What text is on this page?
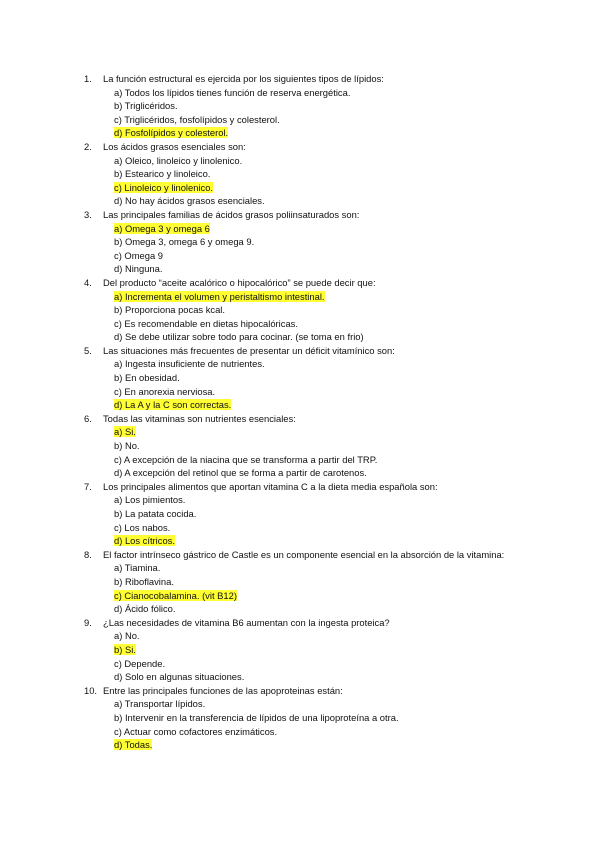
1.	La función estructural es ejercida por los siguientes tipos de lípidos:
a) Todos los lípidos tienes función de reserva energética.
b) Triglicéridos.
c) Triglicéridos, fosfolípidos y colesterol.
d) Fosfolípidos y colesterol.
2.	Los ácidos grasos esenciales son:
a) Oleico, linoleico y linolenico.
b) Estearico y linoleico.
c) Linoleico y linolenico.
d) No hay ácidos grasos esenciales.
3.	Las principales familias de ácidos grasos poliinsaturados son:
a) Omega 3 y omega 6
b) Omega 3, omega 6 y omega 9.
c) Omega 9
d) Ninguna.
4.	Del producto “aceite acalórico o hipocalórico” se puede decir que:
a) Incrementa el volumen y peristaltismo intestinal.
b) Proporciona pocas kcal.
c) Es recomendable en dietas hipocalóricas.
d) Se debe utilizar sobre todo para cocinar. (se toma en frio)
5.	Las situaciones más frecuentes de presentar un déficit vitamínico son:
a) Ingesta insuficiente de nutrientes.
b) En obesidad.
c) En anorexia nerviosa.
d) La A y la C son correctas.
6.	Todas las vitaminas son nutrientes esenciales:
a) Si.
b) No.
c) A excepción de la niacina que se transforma a partir del TRP.
d) A excepción del retinol que se forma a partir de carotenos.
7.	Los principales alimentos que aportan vitamina C a la dieta media española son:
a) Los pimientos.
b) La patata cocida.
c) Los nabos.
d) Los cítricos.
8.	El factor intrínseco gástrico de Castle es un componente esencial en la absorción de la vitamina:
a) Tiamina.
b) Riboflavina.
c) Cianocobalamina. (vit B12)
d) Ácido fólico.
9.	¿Las necesidades de vitamina B6 aumentan con la ingesta proteica?
a) No.
b) Si.
c) Depende.
d) Solo en algunas situaciones.
10. Entre las principales funciones de las apoproteinas están:
a) Transportar lípidos.
b) Intervenir en la transferencia de lípidos de una lipoproteína a otra.
c) Actuar como cofactores enzimáticos.
d) Todas.
